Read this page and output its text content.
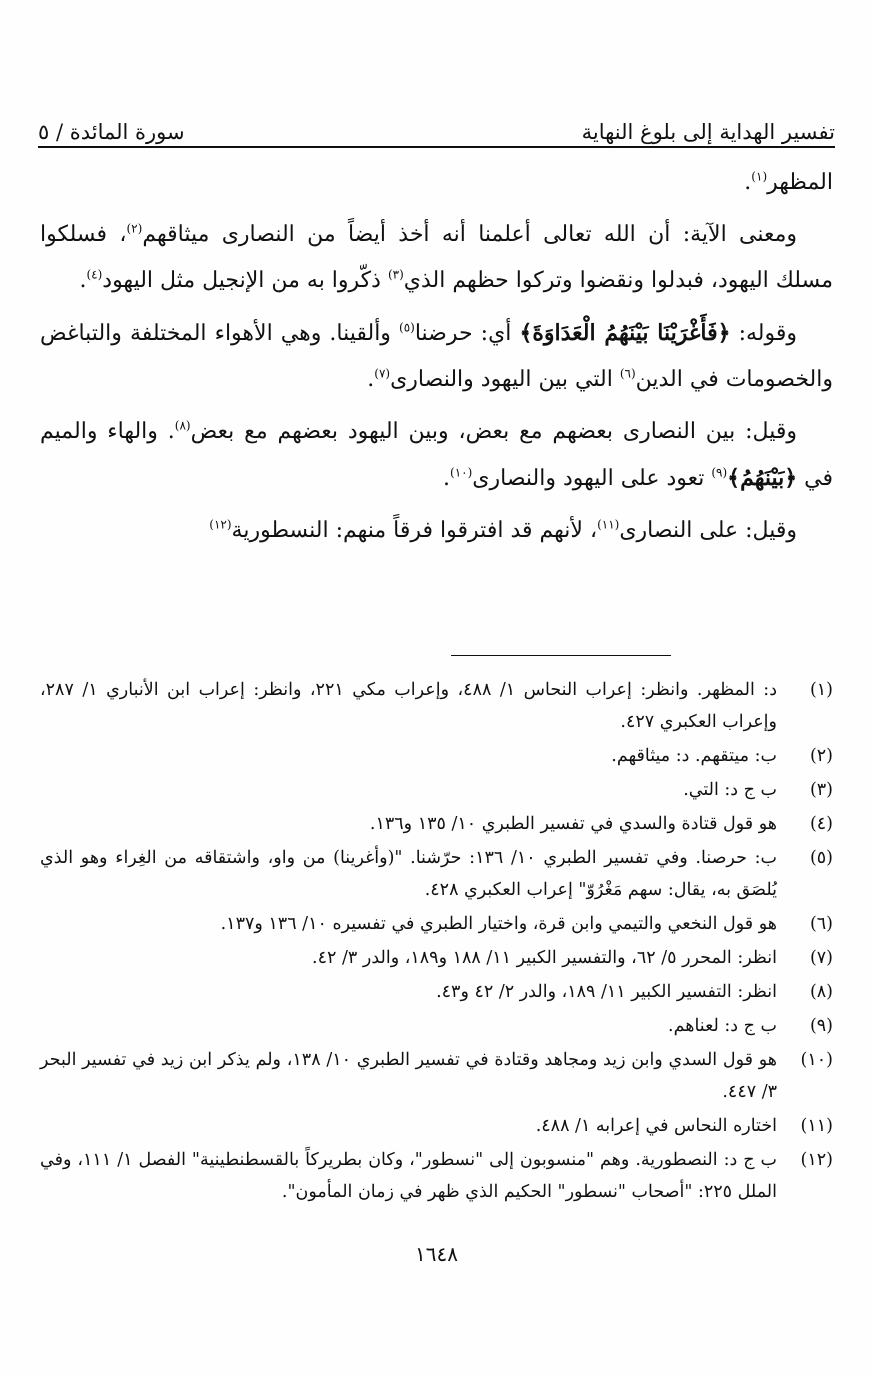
تفسير الهداية إلى بلوغ النهاية
سورة المائدة / ٥

المظهر$^{(١)}$.

ومعنى الآية: أن الله تعالى أعلمنا أنه أخذ أيضاً من النصارى ميثاقهم$^{(٢)}$، فسلكوا مسلك اليهود، فبدلوا ونقضوا وتركوا حظهم الذي$^{(٣)}$ ذكّروا به من الإنجيل مثل اليهود$^{(٤)}$.

وقوله: ﴿فَأَغْرَيْنَا بَيْنَهُمُ الْعَدَاوَةَ﴾ أي: حرضنا$^{(٥)}$ وألقينا. وهي الأهواء المختلفة والتباغض والخصومات في الدين$^{(٦)}$ التي بين اليهود والنصارى$^{(٧)}$.

وقيل: بين النصارى بعضهم مع بعض، وبين اليهود بعضهم مع بعض$^{(٨)}$. والهاء والميم في ﴿بَيْنَهُمُ﴾$^{(٩)}$ تعود على اليهود والنصارى$^{(١٠)}$.

وقيل: على النصارى$^{(١١)}$، لأنهم قد افترقوا فرقاً منهم: النسطورية$^{(١٢)}$

(١)
د: المظهر. وانظر: إعراب النحاس ١/ ٤٨٨، وإعراب مكي ٢٢١، وانظر: إعراب ابن الأنباري ١/ ٢٨٧، وإعراب العكبري ٤٢٧.
(٢)
ب: ميتقهم. د: ميثاقهم.
(٣)
ب ج د: التي.
(٤)
هو قول قتادة والسدي في تفسير الطبري ١٠/ ١٣٥ و١٣٦.
(٥)
ب: حرصنا. وفي تفسير الطبري ١٠/ ١٣٦: حرّشنا. "(وأغرينا) من واو، واشتقاقه من الغِراء وهو الذي يُلصَق به، يقال: سهم مَغْرُوّ" إعراب العكبري ٤٢٨.
(٦)
هو قول النخعي والتيمي وابن قرة، واختيار الطبري في تفسيره ١٠/ ١٣٦ و١٣٧.
(٧)
انظر: المحرر ٥/ ٦٢، والتفسير الكبير ١١/ ١٨٨ و١٨٩، والدر ٣/ ٤٢.
(٨)
انظر: التفسير الكبير ١١/ ١٨٩، والدر ٢/ ٤٢ و٤٣.
(٩)
ب ج د: لعناهم.
(١٠)
هو قول السدي وابن زيد ومجاهد وقتادة في تفسير الطبري ١٠/ ١٣٨، ولم يذكر ابن زيد في تفسير البحر ٣/ ٤٤٧.
(١١)
اختاره النحاس في إعرابه ١/ ٤٨٨.
(١٢)
ب ج د: النصطورية. وهم "منسوبون إلى "نسطور"، وكان بطريركاً بالقسطنطينية" الفصل ١/ ١١١، وفي الملل ٢٢٥: "أصحاب "نسطور" الحكيم الذي ظهر في زمان المأمون".
١٦٤٨
